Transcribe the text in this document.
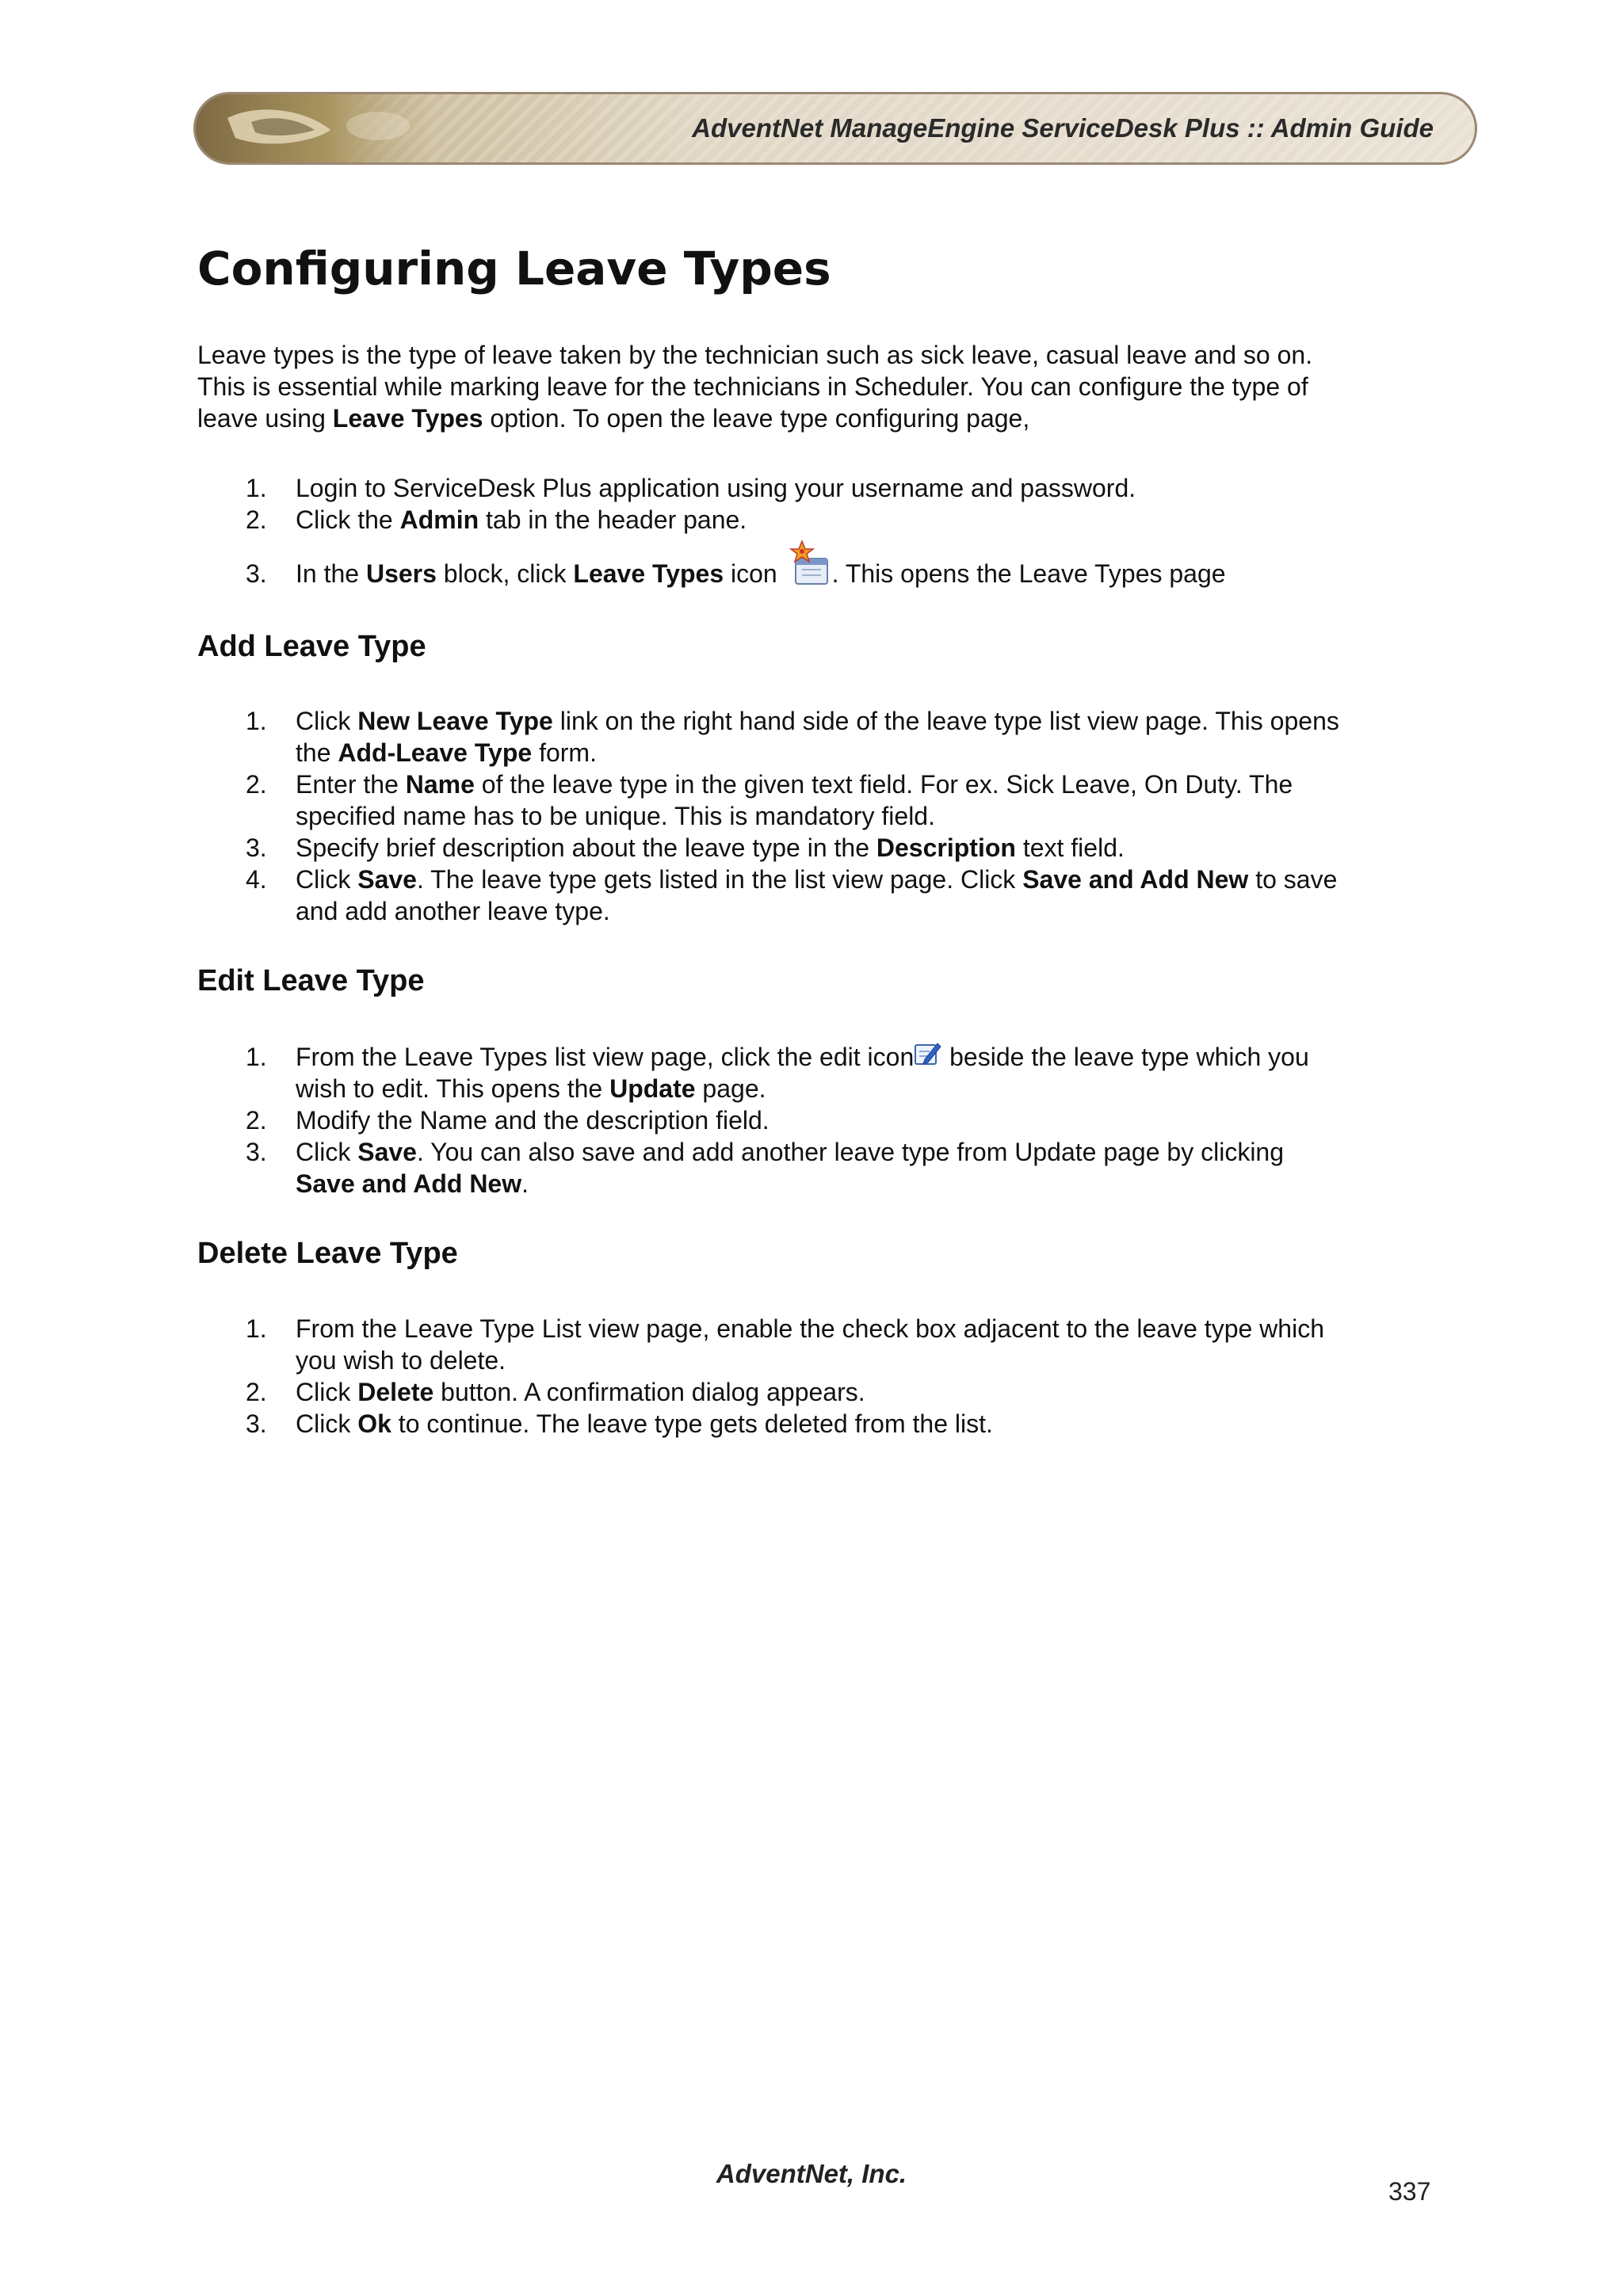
AdventNet ManageEngine ServiceDesk Plus :: Admin Guide
Configuring Leave Types
Leave types is the type of leave taken by the technician such as sick leave, casual leave and so on.
This is essential while marking leave for the technicians in Scheduler. You can configure the type of
leave using Leave Types option. To open the leave type configuring page,
1.	Login to ServiceDesk Plus application using your username and password.
2.	Click the Admin tab in the header pane.
3.	In the Users block, click Leave Types icon . This opens the Leave Types page
Add Leave Type
1.	Click New Leave Type link on the right hand side of the leave type list view page. This opens
the Add-Leave Type form.
2.	Enter the Name of the leave type in the given text field. For ex. Sick Leave, On Duty. The
specified name has to be unique. This is mandatory field.
3.	Specify brief description about the leave type in the Description text field.
4.	Click Save. The leave type gets listed in the list view page. Click Save and Add New to save
and add another leave type.
Edit Leave Type
1.	From the Leave Types list view page, click the edit icon beside the leave type which you
wish to edit. This opens the Update page.
2.	Modify the Name and the description field.
3.	Click Save. You can also save and add another leave type from Update page by clicking
Save and Add New.
Delete Leave Type
1.	From the Leave Type List view page, enable the check box adjacent to the leave type which
you wish to delete.
2.	Click Delete button. A confirmation dialog appears.
3.	Click Ok to continue. The leave type gets deleted from the list.
AdventNet, Inc.
337
